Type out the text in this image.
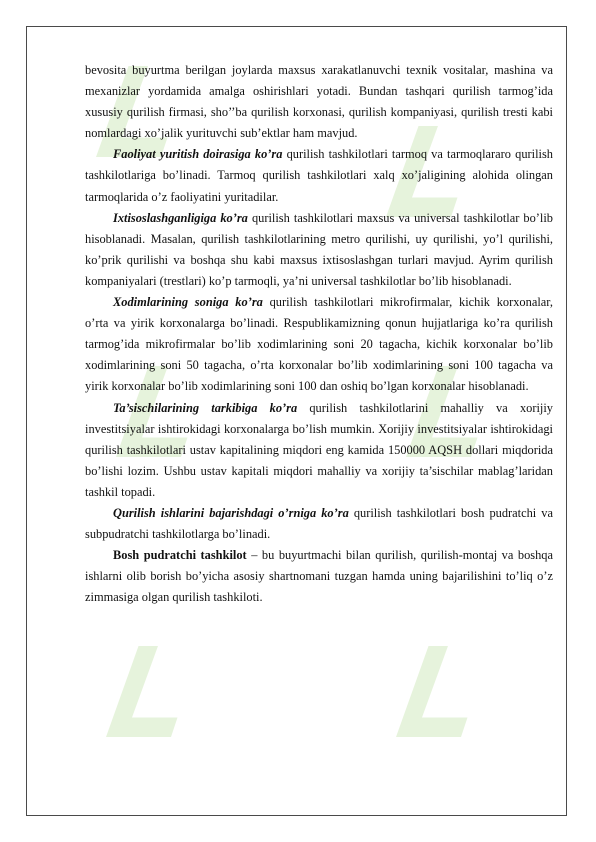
bevosita buyurtma berilgan joylarda maxsus xarakatlanuvchi texnik vositalar, mashina va mexanizlar yordamida amalga oshirishlari yotadi. Bundan tashqari qurilish tarmog’ida xususiy qurilish firmasi, sho’’ba qurilish korxonasi, qurilish kompaniyasi, qurilish tresti kabi nomlardagi xo’jalik yurituvchi sub’ektlar ham mavjud.

Faoliyat yuritish doirasiga ko’ra qurilish tashkilotlari tarmoq va tarmoqlararo qurilish tashkilotlariga bo’linadi. Tarmoq qurilish tashkilotlari xalq xo’jaligining alohida olingan tarmoqlarida o’z faoliyatini yuritadilar.

Ixtisoslashganligiga ko’ra qurilish tashkilotlari maxsus va universal tashkilotlar bo’lib hisoblanadi. Masalan, qurilish tashkilotlarining metro qurilishi, uy qurilishi, yo’l qurilishi, ko’prik qurilishi va boshqa shu kabi maxsus ixtisoslashgan turlari mavjud. Ayrim qurilish kompaniyalari (trestlari) ko’p tarmoqli, ya’ni universal tashkilotlar bo’lib hisoblanadi.

Xodimlarining soniga ko’ra qurilish tashkilotlari mikrofirmalar, kichik korxonalar, o’rta va yirik korxonalarga bo’linadi. Respublikamizning qonun hujjatlariga ko’ra qurilish tarmog’ida mikrofirmalar bo’lib xodimlarining soni 20 tagacha, kichik korxonalar bo’lib xodimlarining soni 50 tagacha, o’rta korxonalar bo’lib xodimlarining soni 100 tagacha va yirik korxonalar bo’lib xodimlarining soni 100 dan oshiq bo’lgan korxonalar hisoblanadi.

Ta’sischilarining tarkibiga ko’ra qurilish tashkilotlarini mahalliy va xorijiy investitsiyalar ishtirokidagi korxonalarga bo’lish mumkin. Xorijiy investitsiyalar ishtirokidagi qurilish tashkilotlari ustav kapitalining miqdori eng kamida 150000 AQSH dollari miqdorida bo’lishi lozim. Ushbu ustav kapitali miqdori mahalliy va xorijiy ta’sischilar mablag’laridan tashkil topadi.

Qurilish ishlarini bajarishdagi o’rniga ko’ra qurilish tashkilotlari bosh pudratchi va subpudratchi tashkilotlarga bo’linadi.

Bosh pudratchi tashkilot – bu buyurtmachi bilan qurilish, qurilish-montaj va boshqa ishlarni olib borish bo’yicha asosiy shartnomani tuzgan hamda uning bajarilishini to’liq o’z zimmasiga olgan qurilish tashkiloti.
